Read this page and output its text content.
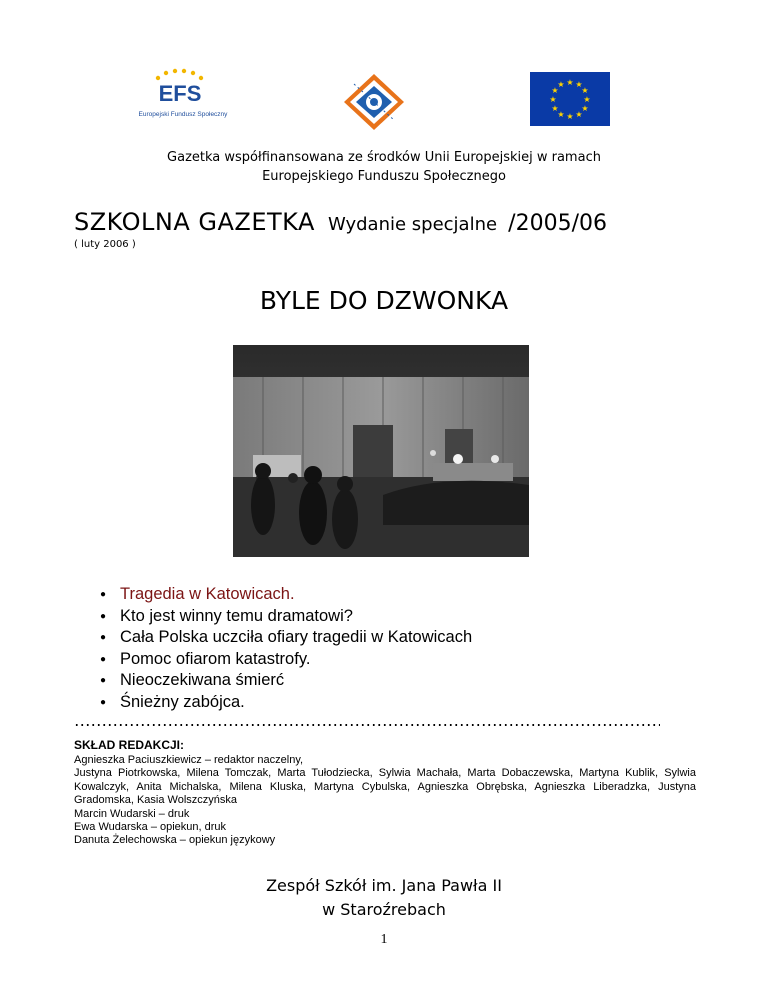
EFS
Europejski Fundusz Społeczny
★ ★
★
★
★
★
★
★
★
★
★
★
Gazetka współfinansowana ze środków Unii Europejskiej w ramach
Europejskiego Funduszu Społecznego
SZKOLNA GAZETKA Wydanie specjalne /2005/06
( luty 2006 )
BYLE DO DZWONKA
● Tragedia w Katowicach.
● Kto jest winny temu dramatowi?
● Cała Polska uczciła ofiary tragedii w Katowicach
● Pomoc ofiarom katastrofy.
● Nieoczekiwana śmierć
● Śnieżny zabójca.
SKŁAD REDAKCJI:
Agnieszka Paciuszkiewicz – redaktor naczelny,
Justyna Piotrkowska, Milena Tomczak, Marta Tułodziecka, Sylwia Machała, Marta Dobaczewska, Martyna Kublik, Sylwia Kowalczyk, Anita Michalska, Milena Kluska, Martyna Cybulska, Agnieszka Obrębska, Agnieszka Liberadzka, Justyna Gradomska, Kasia Wolszczyńska
Marcin Wudarski – druk
Ewa Wudarska – opiekun, druk
Danuta Żelechowska – opiekun językowy
Zespół Szkół im. Jana Pawła II
w Staroźrebach
1
